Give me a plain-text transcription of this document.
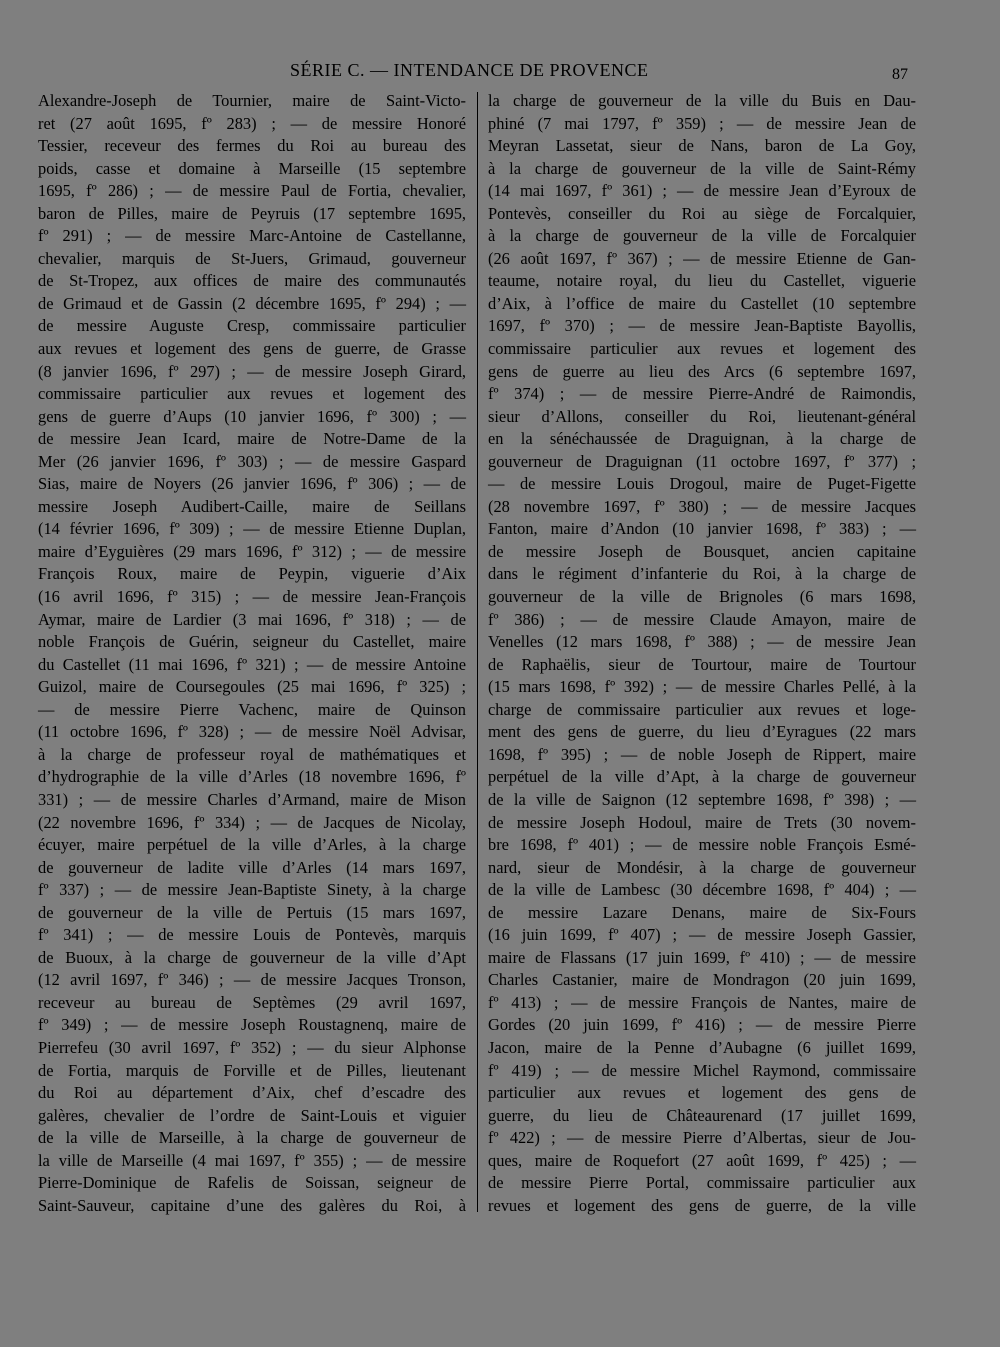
SÉRIE C. — INTENDANCE DE PROVENCE	87
Alexandre-Joseph de Tournier, maire de Saint-Victo-
ret (27 août 1695, fº 283) ; — de messire Honoré
Tessier, receveur des fermes du Roi au bureau des
poids, casse et domaine à Marseille (15 septembre
1695, fº 286) ; — de messire Paul de Fortia, chevalier,
baron de Pilles, maire de Peyruis (17 septembre 1695,
fº 291) ; — de messire Marc-Antoine de Castellanne,
chevalier, marquis de St-Juers, Grimaud, gouverneur
de St-Tropez, aux offices de maire des communautés
de Grimaud et de Gassin (2 décembre 1695, fº 294) ; —
de messire Auguste Cresp, commissaire particulier
aux revues et logement des gens de guerre, de Grasse
(8 janvier 1696, fº 297) ; — de messire Joseph Girard,
commissaire particulier aux revues et logement des
gens de guerre d’Aups (10 janvier 1696, fº 300) ; —
de messire Jean Icard, maire de Notre-Dame de la
Mer (26 janvier 1696, fº 303) ; — de messire Gaspard
Sias, maire de Noyers (26 janvier 1696, fº 306) ; — de
messire Joseph Audibert-Caille, maire de Seillans
(14 février 1696, fº 309) ; — de messire Etienne Duplan,
maire d’Eyguières (29 mars 1696, fº 312) ; — de messire
François Roux, maire de Peypin, viguerie d’Aix
(16 avril 1696, fº 315) ; — de messire Jean-François
Aymar, maire de Lardier (3 mai 1696, fº 318) ; — de
noble François de Guérin, seigneur du Castellet, maire
du Castellet (11 mai 1696, fº 321) ; — de messire Antoine
Guizol, maire de Coursegoules (25 mai 1696, fº 325) ;
— de messire Pierre Vachenc, maire de Quinson
(11 octobre 1696, fº 328) ; — de messire Noël Advisar,
à la charge de professeur royal de mathématiques et
d’hydrographie de la ville d’Arles (18 novembre 1696, fº
331) ; — de messire Charles d’Armand, maire de Mison
(22 novembre 1696, fº 334) ; — de Jacques de Nicolay,
écuyer, maire perpétuel de la ville d’Arles, à la charge
de gouverneur de ladite ville d’Arles (14 mars 1697,
fº 337) ; — de messire Jean-Baptiste Sinety, à la charge
de gouverneur de la ville de Pertuis (15 mars 1697,
fº 341) ; — de messire Louis de Pontevès, marquis
de Buoux, à la charge de gouverneur de la ville d’Apt
(12 avril 1697, fº 346) ; — de messire Jacques Tronson,
receveur au bureau de Septèmes (29 avril 1697,
fº 349) ; — de messire Joseph Roustagnenq, maire de
Pierrefeu (30 avril 1697, fº 352) ; — du sieur Alphonse
de Fortia, marquis de Forville et de Pilles, lieutenant
du Roi au département d’Aix, chef d’escadre des
galères, chevalier de l’ordre de Saint-Louis et viguier
de la ville de Marseille, à la charge de gouverneur de
la ville de Marseille (4 mai 1697, fº 355) ; — de messire
Pierre-Dominique de Rafelis de Soissan, seigneur de
Saint-Sauveur, capitaine d’une des galères du Roi, à
la charge de gouverneur de la ville du Buis en Dau-
phiné (7 mai 1797, fº 359) ; — de messire Jean de
Meyran Lassetat, sieur de Nans, baron de La Goy,
à la charge de gouverneur de la ville de Saint-Rémy
(14 mai 1697, fº 361) ; — de messire Jean d’Eyroux de
Pontevès, conseiller du Roi au siège de Forcalquier,
à la charge de gouverneur de la ville de Forcalquier
(26 août 1697, fº 367) ; — de messire Etienne de Gan-
teaume, notaire royal, du lieu du Castellet, viguerie
d’Aix, à l’office de maire du Castellet (10 septembre
1697, fº 370) ; — de messire Jean-Baptiste Bayollis,
commissaire particulier aux revues et logement des
gens de guerre au lieu des Arcs (6 septembre 1697,
fº 374) ; — de messire Pierre-André de Raimondis,
sieur d’Allons, conseiller du Roi, lieutenant-général
en la sénéchaussée de Draguignan, à la charge de
gouverneur de Draguignan (11 octobre 1697, fº 377) ;
— de messire Louis Drogoul, maire de Puget-Figette
(28 novembre 1697, fº 380) ; — de messire Jacques
Fanton, maire d’Andon (10 janvier 1698, fº 383) ; —
de messire Joseph de Bousquet, ancien capitaine
dans le régiment d’infanterie du Roi, à la charge de
gouverneur de la ville de Brignoles (6 mars 1698,
fº 386) ; — de messire Claude Amayon, maire de
Venelles (12 mars 1698, fº 388) ; — de messire Jean
de Raphaëlis, sieur de Tourtour, maire de Tourtour
(15 mars 1698, fº 392) ; — de messire Charles Pellé, à la
charge de commissaire particulier aux revues et loge-
ment des gens de guerre, du lieu d’Eyragues (22 mars
1698, fº 395) ; — de noble Joseph de Rippert, maire
perpétuel de la ville d’Apt, à la charge de gouverneur
de la ville de Saignon (12 septembre 1698, fº 398) ; —
de messire Joseph Hodoul, maire de Trets (30 novem-
bre 1698, fº 401) ; — de messire noble François Esmé-
nard, sieur de Mondésir, à la charge de gouverneur
de la ville de Lambesc (30 décembre 1698, fº 404) ; —
de messire Lazare Denans, maire de Six-Fours
(16 juin 1699, fº 407) ; — de messire Joseph Gassier,
maire de Flassans (17 juin 1699, fº 410) ; — de messire
Charles Castanier, maire de Mondragon (20 juin 1699,
fº 413) ; — de messire François de Nantes, maire de
Gordes (20 juin 1699, fº 416) ; — de messire Pierre
Jacon, maire de la Penne d’Aubagne (6 juillet 1699,
fº 419) ; — de messire Michel Raymond, commissaire
particulier aux revues et logement des gens de
guerre, du lieu de Châteaurenard (17 juillet 1699,
fº 422) ; — de messire Pierre d’Albertas, sieur de Jou-
ques, maire de Roquefort (27 août 1699, fº 425) ; —
de messire Pierre Portal, commissaire particulier aux
revues et logement des gens de guerre, de la ville
